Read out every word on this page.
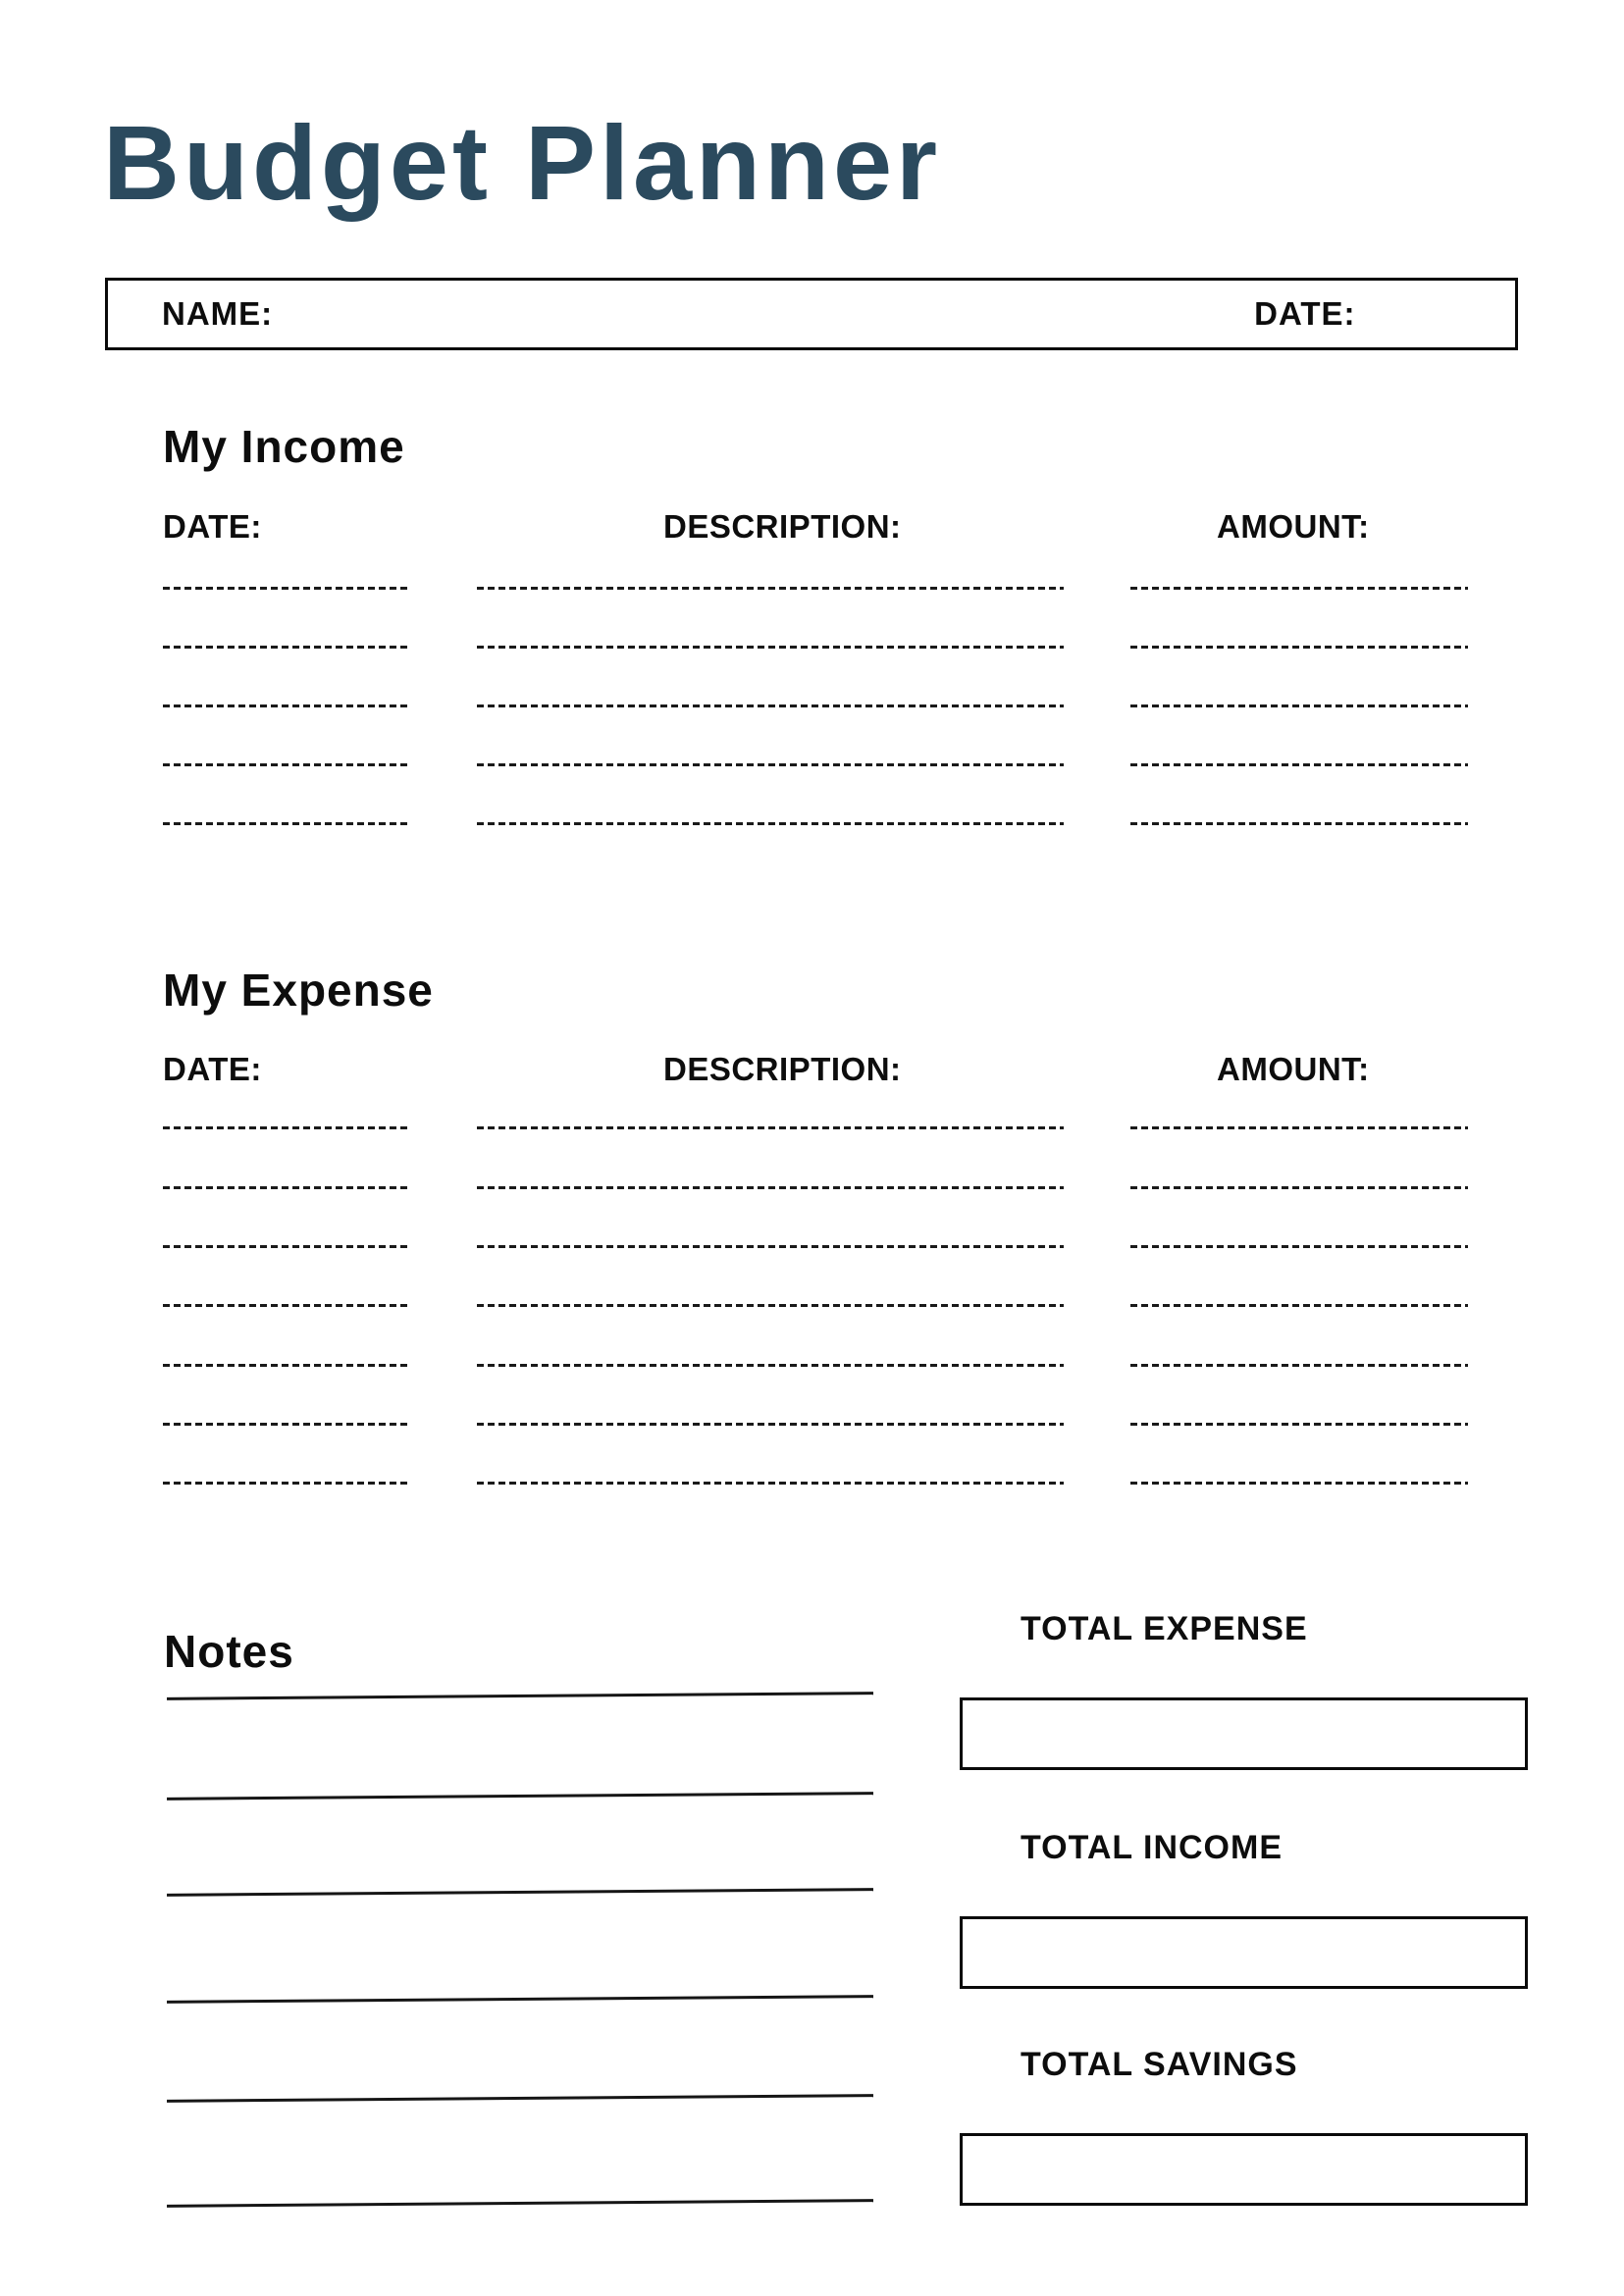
Budget Planner
NAME:	DATE:
My Income
DATE:	DESCRIPTION:	AMOUNT:
My Expense
DATE:	DESCRIPTION:	AMOUNT:
Notes	TOTAL EXPENSE
TOTAL INCOME
TOTAL SAVINGS
